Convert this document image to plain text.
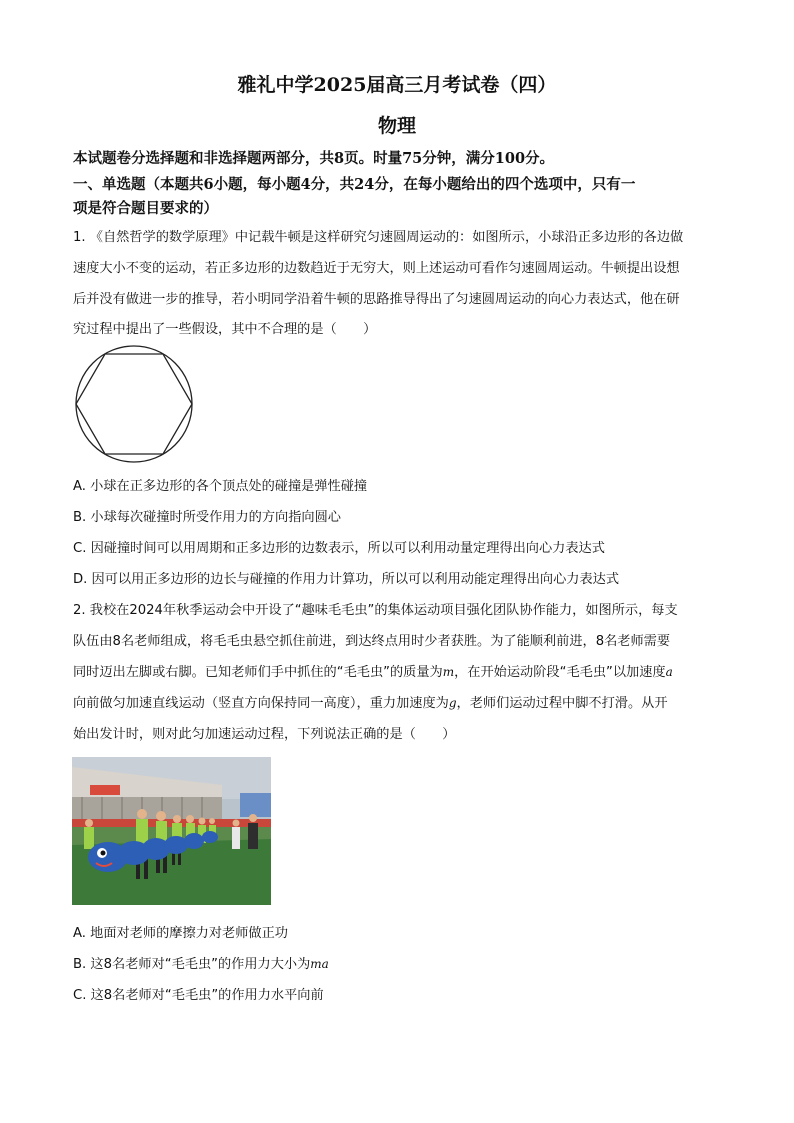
雅礼中学2025届高三月考试卷（四）
物理
本试题卷分选择题和非选择题两部分，共8页。时量75分钟，满分100分。
一、单选题（本题共6小题，每小题4分，共24分，在每小题给出的四个选项中，只有一
项是符合题目要求的）
1. 《自然哲学的数学原理》中记载牛顿是这样研究匀速圆周运动的：如图所示，小球沿正多边形的各边做
速度大小不变的运动，若正多边形的边数趋近于无穷大，则上述运动可看作匀速圆周运动。牛顿提出设想
后并没有做进一步的推导，若小明同学沿着牛顿的思路推导得出了匀速圆周运动的向心力表达式，他在研
究过程中提出了一些假设，其中不合理的是（　　）
A. 小球在正多边形的各个顶点处的碰撞是弹性碰撞
B. 小球每次碰撞时所受作用力的方向指向圆心
C. 因碰撞时间可以用周期和正多边形的边数表示，所以可以利用动量定理得出向心力表达式
D. 因可以用正多边形的边长与碰撞的作用力计算功，所以可以利用动能定理得出向心力表达式
2. 我校在2024年秋季运动会中开设了“趣味毛毛虫”的集体运动项目强化团队协作能力，如图所示，每支
队伍由8名老师组成，将毛毛虫悬空抓住前进，到达终点用时少者获胜。为了能顺利前进，8名老师需要
同时迈出左脚或右脚。已知老师们手中抓住的“毛毛虫”的质量为m，在开始运动阶段“毛毛虫”以加速度a
向前做匀加速直线运动（竖直方向保持同一高度），重力加速度为g，老师们运动过程中脚不打滑。从开
始出发计时，则对此匀加速运动过程，下列说法正确的是（　　）
A. 地面对老师的摩擦力对老师做正功
B. 这8名老师对“毛毛虫”的作用力大小为ma
C. 这8名老师对“毛毛虫”的作用力水平向前
